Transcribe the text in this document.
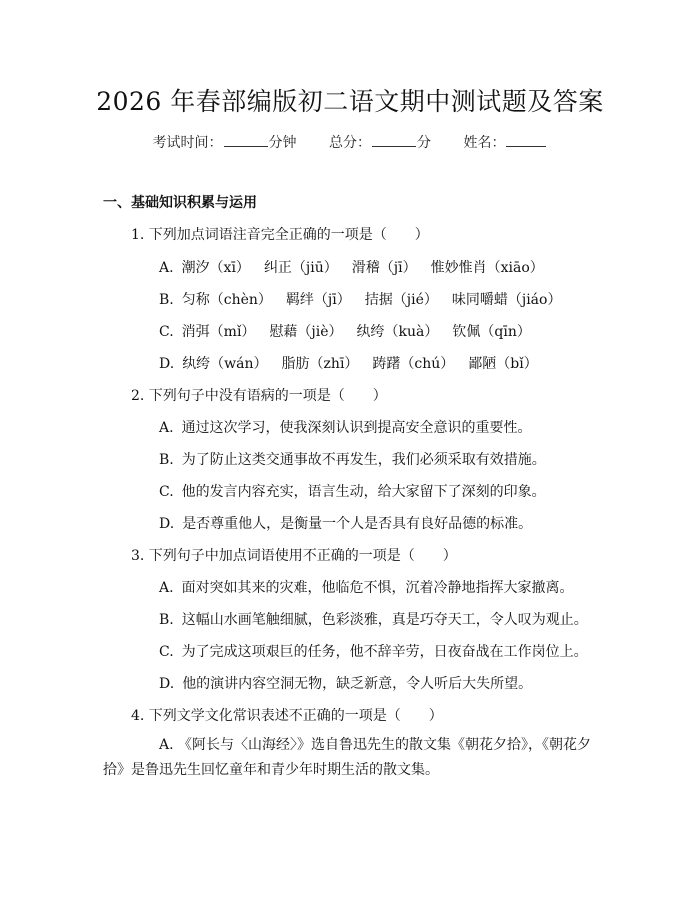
2026 年春部编版初二语文期中测试题及答案
考试时间：	分钟 总分：	分 姓名：
一、基础知识积累与运用
1. 下列加点词语注音完全正确的一项是（　　）
A. 潮汐（xī） 纠正（jiū） 滑稽（jī） 惟妙惟肖（xiāo）
B. 匀称（chèn） 羁绊（jī） 拮据（jié） 味同嚼蜡（jiáo）
C. 消弭（mǐ） 慰藉（jiè） 纨绔（kuà） 钦佩（qīn）
D. 纨绔（wán） 脂肪（zhī） 踌躇（chú） 鄙陋（bǐ）
2. 下列句子中没有语病的一项是（　　）
A. 通过这次学习，使我深刻认识到提高安全意识的重要性。
B. 为了防止这类交通事故不再发生，我们必须采取有效措施。
C. 他的发言内容充实，语言生动，给大家留下了深刻的印象。
D. 是否尊重他人，是衡量一个人是否具有良好品德的标准。
3. 下列句子中加点词语使用不正确的一项是（　　）
A. 面对突如其来的灾难，他临危不惧，沉着冷静地指挥大家撤离。
B. 这幅山水画笔触细腻，色彩淡雅，真是巧夺天工，令人叹为观止。
C. 为了完成这项艰巨的任务，他不辞辛劳，日夜奋战在工作岗位上。
D. 他的演讲内容空洞无物，缺乏新意，令人听后大失所望。
4. 下列文学文化常识表述不正确的一项是（　　）
A. 《阿长与〈山海经〉》选自鲁迅先生的散文集《朝花夕拾》，《朝花夕拾》是鲁迅先生回忆童年和青少年时期生活的散文集。
